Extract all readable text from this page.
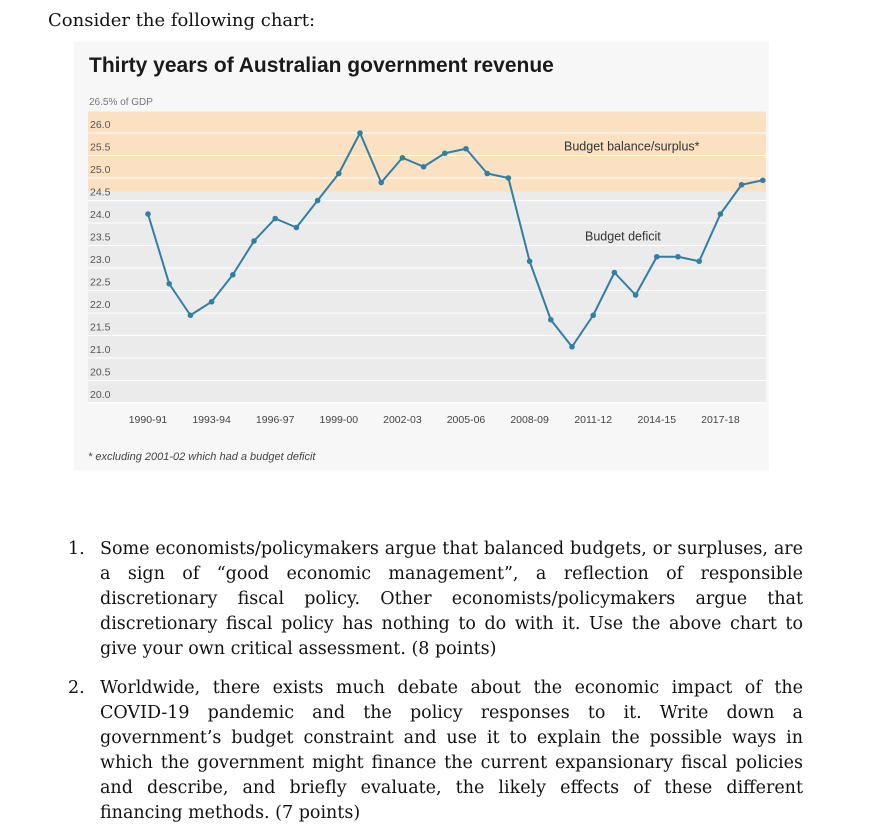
Consider the following chart:
26.0
25.5
25.0
24.5
24.0
23.5
23.0
22.5
22.0
21.5
21.0
20.5
20.0
1990-91 1993-94 1996-97 1999-00 2002-03 2005-06 2008-09 2011-12 2014-15 2017-18
Budget balance/surplus*
Budget deficit
Thirty years of Australian government revenue
26.5% of GDP
* excluding 2001-02 which had a budget deficit
1. Some economists/policymakers argue that balanced budgets, or surpluses, are a sign of “good economic management”, a reflection of responsible discretionary fiscal policy. Other economists/policymakers argue that discretionary fiscal policy has nothing to do with it. Use the above chart to give your own critical assessment. (8 points)
2. Worldwide, there exists much debate about the economic impact of the COVID-19 pandemic and the policy responses to it. Write down a government’s budget constraint and use it to explain the possible ways in which the government might finance the current expansionary fiscal policies and describe, and briefly evaluate, the likely effects of these different financing methods. (7 points)
